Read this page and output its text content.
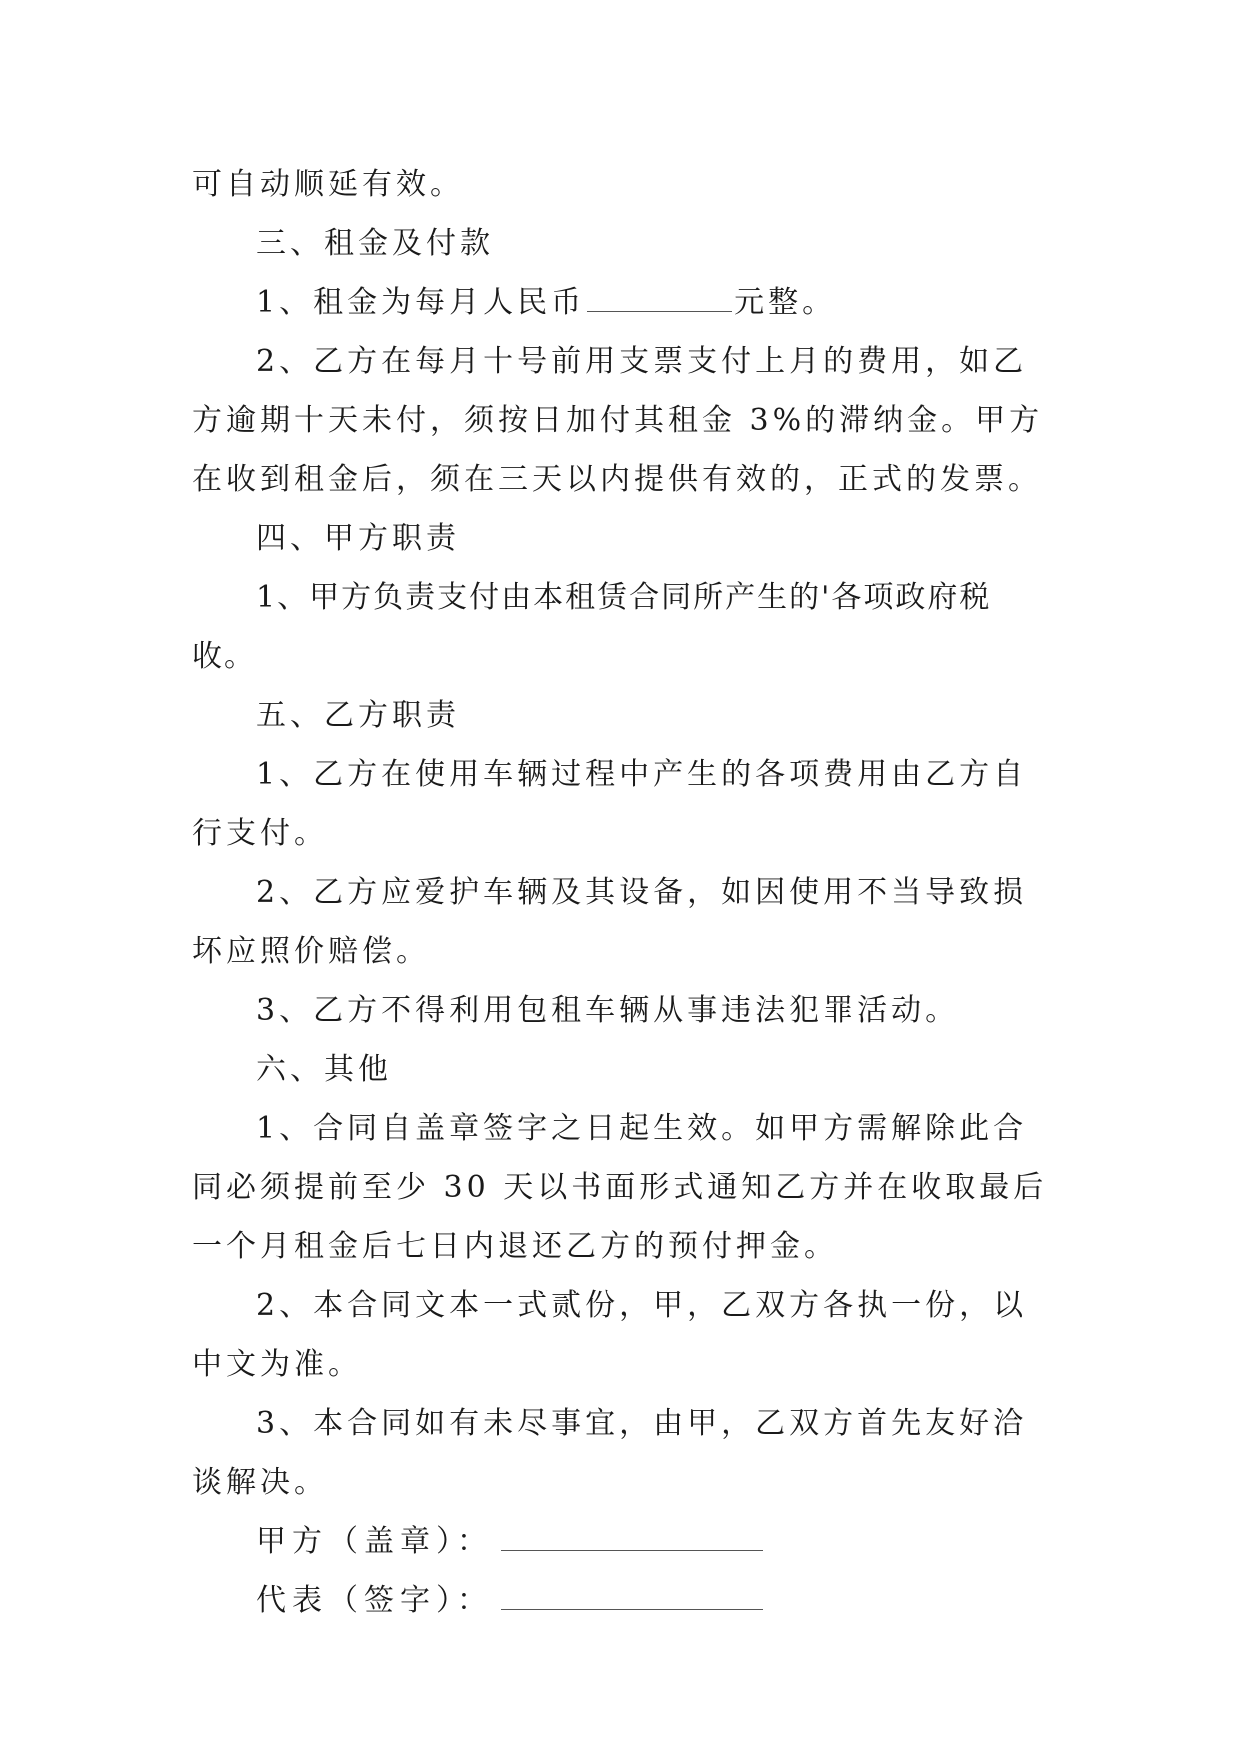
可自动顺延有效。

三、租金及付款

1、租金为每月人民币	元整。

2、乙方在每月十号前用支票支付上月的费用，如乙方逾期十天未付，须按日加付其租金 3%的滞纳金。甲方在收到租金后，须在三天以内提供有效的，正式的发票。

四、甲方职责

1、甲方负责支付由本租赁合同所产生的'各项政府税收。

五、乙方职责

1、乙方在使用车辆过程中产生的各项费用由乙方自行支付。

2、乙方应爱护车辆及其设备，如因使用不当导致损坏应照价赔偿。

3、乙方不得利用包租车辆从事违法犯罪活动。

六、其他

1、合同自盖章签字之日起生效。如甲方需解除此合同必须提前至少 30 天以书面形式通知乙方并在收取最后一个月租金后七日内退还乙方的预付押金。

2、本合同文本一式贰份，甲，乙双方各执一份，以中文为准。

3、本合同如有未尽事宜，由甲，乙双方首先友好洽谈解决。

甲方（盖章）：

代表（签字）：
